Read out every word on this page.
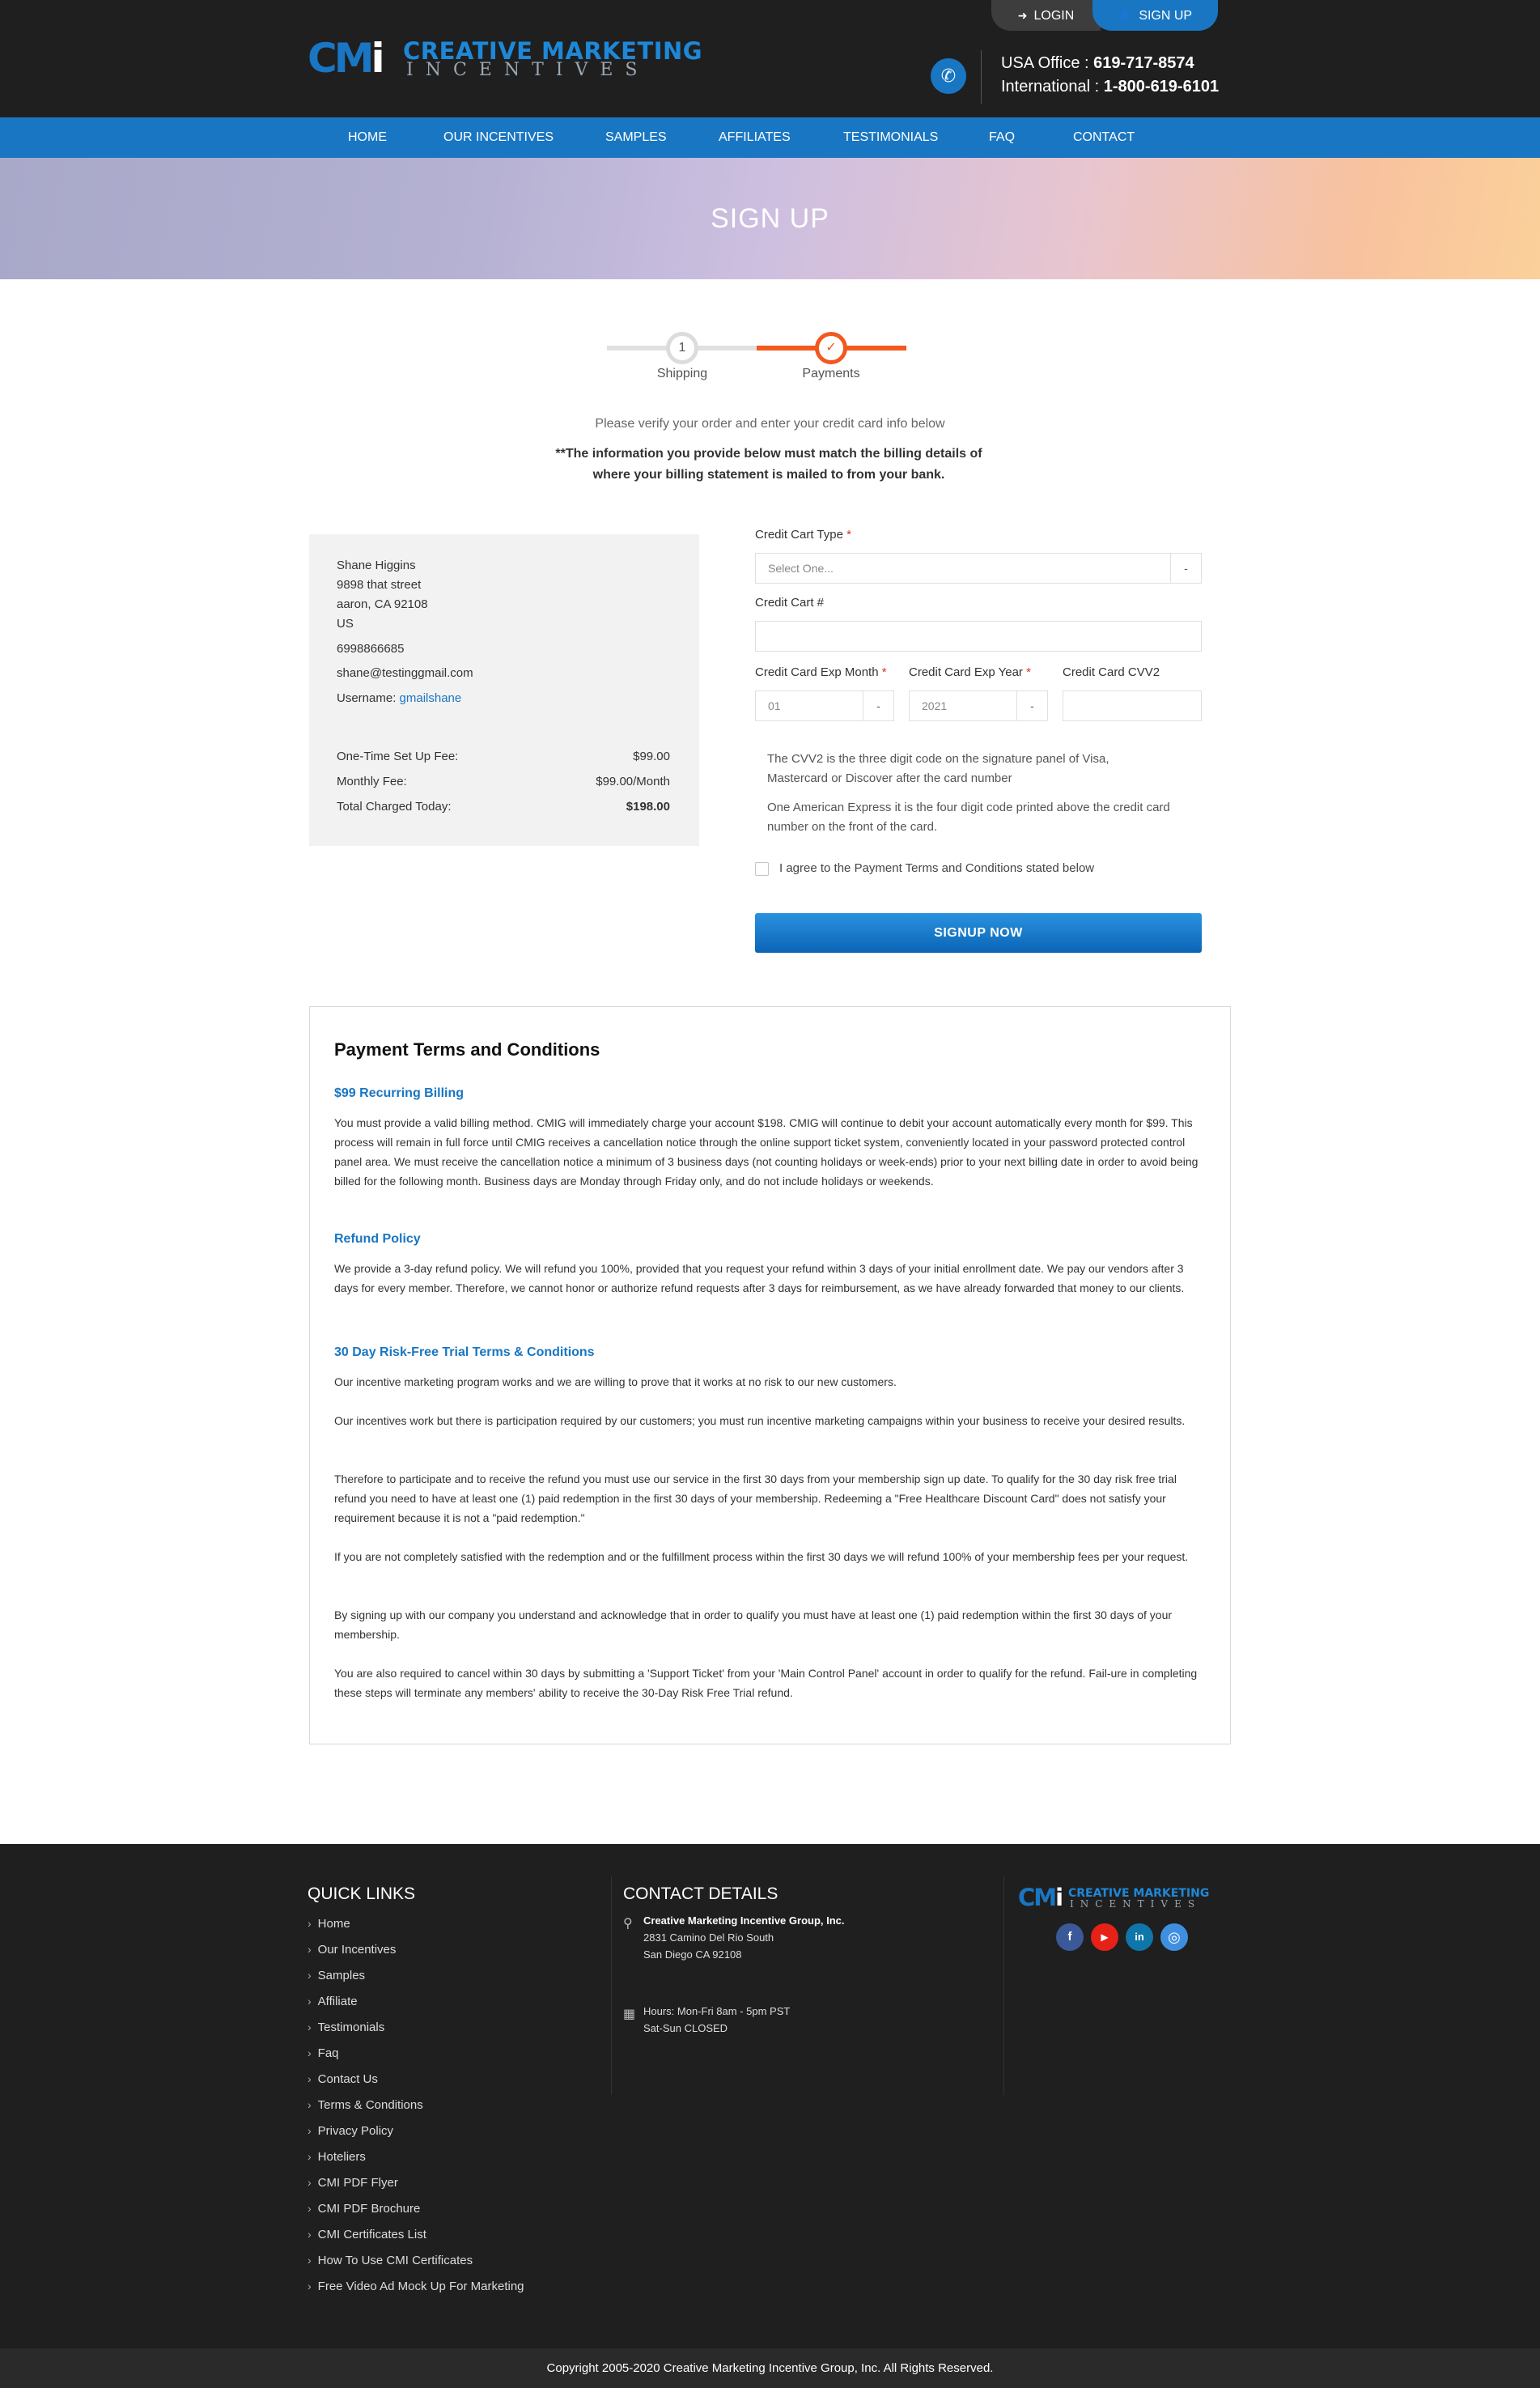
CMi CREATIVE MARKETING
INCENTIVES
➜ LOGIN	👤 SIGN UP
✆
USA Office : 619-717-8574
International : 1-800-619-6101
HOME	OUR INCENTIVES	SAMPLES	AFFILIATES	TESTIMONIALS	FAQ	CONTACT
SIGN UP
1	✓
Shipping	Payments
Please verify your order and enter your credit card info below
**The information you provide below must match the billing details of where your billing statement is mailed to from your bank.
Shane Higgins
9898 that street
aaron, CA 92108
US
6998866685
shane@testinggmail.com
Username: gmailshane
One-Time Set Up Fee:	$99.00
Monthly Fee:	$99.00/Month
Total Charged Today:	$198.00
Credit Cart Type *
Select One...	-
Credit Cart #
Credit Card Exp Month *
01	-
Credit Card Exp Year *
2021	-
Credit Card CVV2
The CVV2 is the three digit code on the signature panel of Visa, Mastercard or Discover after the card number
One American Express it is the four digit code printed above the credit card number on the front of the card.
I agree to the Payment Terms and Conditions stated below
SIGNUP NOW
Payment Terms and Conditions
$99 Recurring Billing

You must provide a valid billing method. CMIG will immediately charge your account $198. CMIG will continue to debit your account automatically every month for $99. This process will remain in full force until CMIG receives a cancellation notice through the online support ticket system, conveniently located in your password protected control panel area. We must receive the cancellation notice a minimum of 3 business days (not counting holidays or week-ends) prior to your next billing date in order to avoid being billed for the following month. Business days are Monday through Friday only, and do not include holidays or weekends.

Refund Policy

We provide a 3-day refund policy. We will refund you 100%, provided that you request your refund within 3 days of your initial enrollment date. We pay our vendors after 3 days for every member. Therefore, we cannot honor or authorize refund requests after 3 days for reimbursement, as we have already forwarded that money to our clients.

30 Day Risk-Free Trial Terms & Conditions

Our incentive marketing program works and we are willing to prove that it works at no risk to our new customers.

Our incentives work but there is participation required by our customers; you must run incentive marketing campaigns within your business to receive your desired results.

Therefore to participate and to receive the refund you must use our service in the first 30 days from your membership sign up date. To qualify for the 30 day risk free trial refund you need to have at least one (1) paid redemption in the first 30 days of your membership. Redeeming a "Free Healthcare Discount Card" does not satisfy your requirement because it is not a "paid redemption."

If you are not completely satisfied with the redemption and or the fulfillment process within the first 30 days we will refund 100% of your membership fees per your request.

By signing up with our company you understand and acknowledge that in order to qualify you must have at least one (1) paid redemption within the first 30 days of your membership.

You are also required to cancel within 30 days by submitting a 'Support Ticket' from your 'Main Control Panel' account in order to qualify for the refund. Fail-ure in completing these steps will terminate any members' ability to receive the 30-Day Risk Free Trial refund.

QUICK LINKS
› Home
› Our Incentives
› Samples
› Affiliate
› Testimonials
› Faq
› Contact Us
› Terms & Conditions
› Privacy Policy
› Hoteliers
› CMI PDF Flyer
› CMI PDF Brochure
› CMI Certificates List
› How To Use CMI Certificates
› Free Video Ad Mock Up For Marketing
CONTACT DETAILS
⚲ Creative Marketing Incentive Group, Inc.
2831 Camino Del Rio South
San Diego CA 92108
▦ Hours: Mon-Fri 8am - 5pm PST
Sat-Sun CLOSED
CMi CREATIVE MARKETING
INCENTIVES
f	▶	in	◎
Copyright 2005-2020 Creative Marketing Incentive Group, Inc. All Rights Reserved.
